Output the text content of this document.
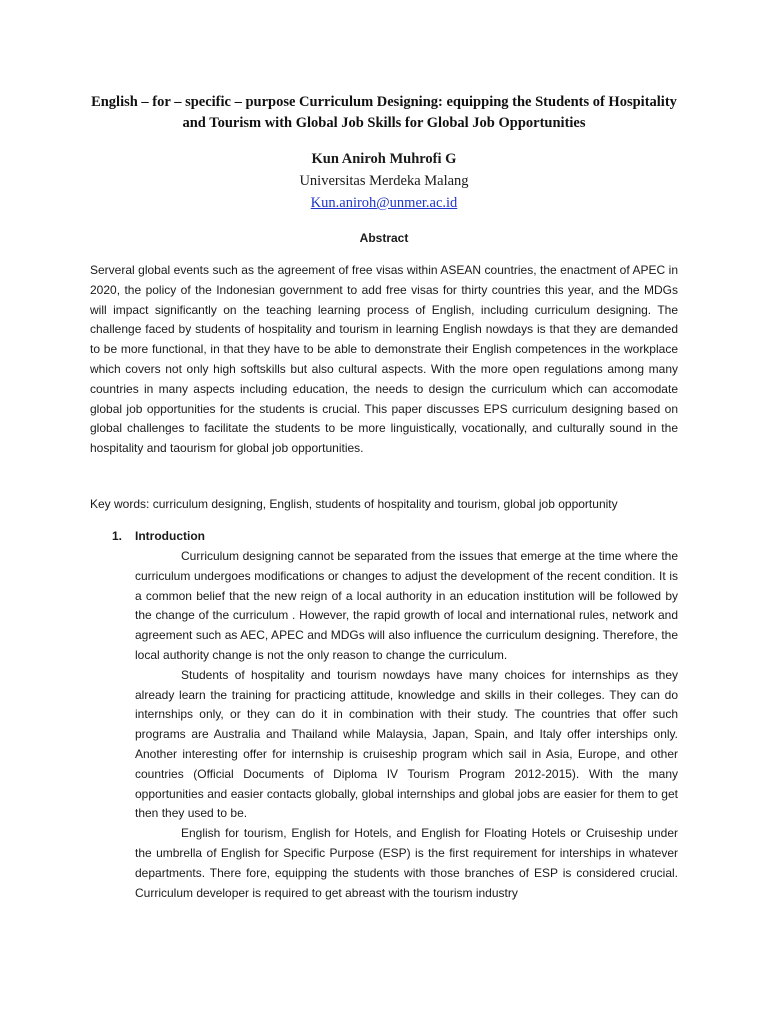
English – for – specific – purpose Curriculum Designing: equipping the Students of Hospitality and Tourism with Global Job Skills for Global Job Opportunities
Kun Aniroh Muhrofi G
Universitas Merdeka Malang
Kun.aniroh@unmer.ac.id
Abstract

Serveral global events such as the agreement of free visas within ASEAN countries, the enactment of APEC in 2020, the policy of the Indonesian government to add free visas for thirty countries this year, and the MDGs will impact significantly on the teaching learning process of English, including curriculum designing. The challenge faced by students of hospitality and tourism in learning English nowdays is that they are demanded to be more functional, in that they have to be able to demonstrate their English competences in the workplace which covers not only high softskills but also cultural aspects. With the more open regulations among many countries in many aspects including education, the needs to design the curriculum which can accomodate global job opportunities for the students is crucial. This paper discusses EPS curriculum designing based on global challenges to facilitate the students to be more linguistically, vocationally, and culturally sound in the hospitality and taourism for global job opportunities.

Key words: curriculum designing, English, students of hospitality and tourism, global job opportunity

1. Introduction

Curriculum designing cannot be separated from the issues that emerge at the time where the curriculum undergoes modifications or changes to adjust the development of the recent condition. It is a common belief that the new reign of a local authority in an education institution will be followed by the change of the curriculum . However, the rapid growth of local and international rules, network and agreement such as AEC, APEC and MDGs will also influence the curriculum designing. Therefore, the local authority change is not the only reason to change the curriculum.

Students of hospitality and tourism nowdays have many choices for internships as they already learn the training for practicing attitude, knowledge and skills in their colleges. They can do internships only, or they can do it in combination with their study. The countries that offer such programs are Australia and Thailand while Malaysia, Japan, Spain, and Italy offer interships only. Another interesting offer for internship is cruiseship program which sail in Asia, Europe, and other countries (Official Documents of Diploma IV Tourism Program 2012-2015). With the many opportunities and easier contacts globally, global internships and global jobs are easier for them to get then they used to be.

English for tourism, English for Hotels, and English for Floating Hotels or Cruiseship under the umbrella of English for Specific Purpose (ESP) is the first requirement for interships in whatever departments. There fore, equipping the students with those branches of ESP is considered crucial. Curriculum developer is required to get abreast with the tourism industry
